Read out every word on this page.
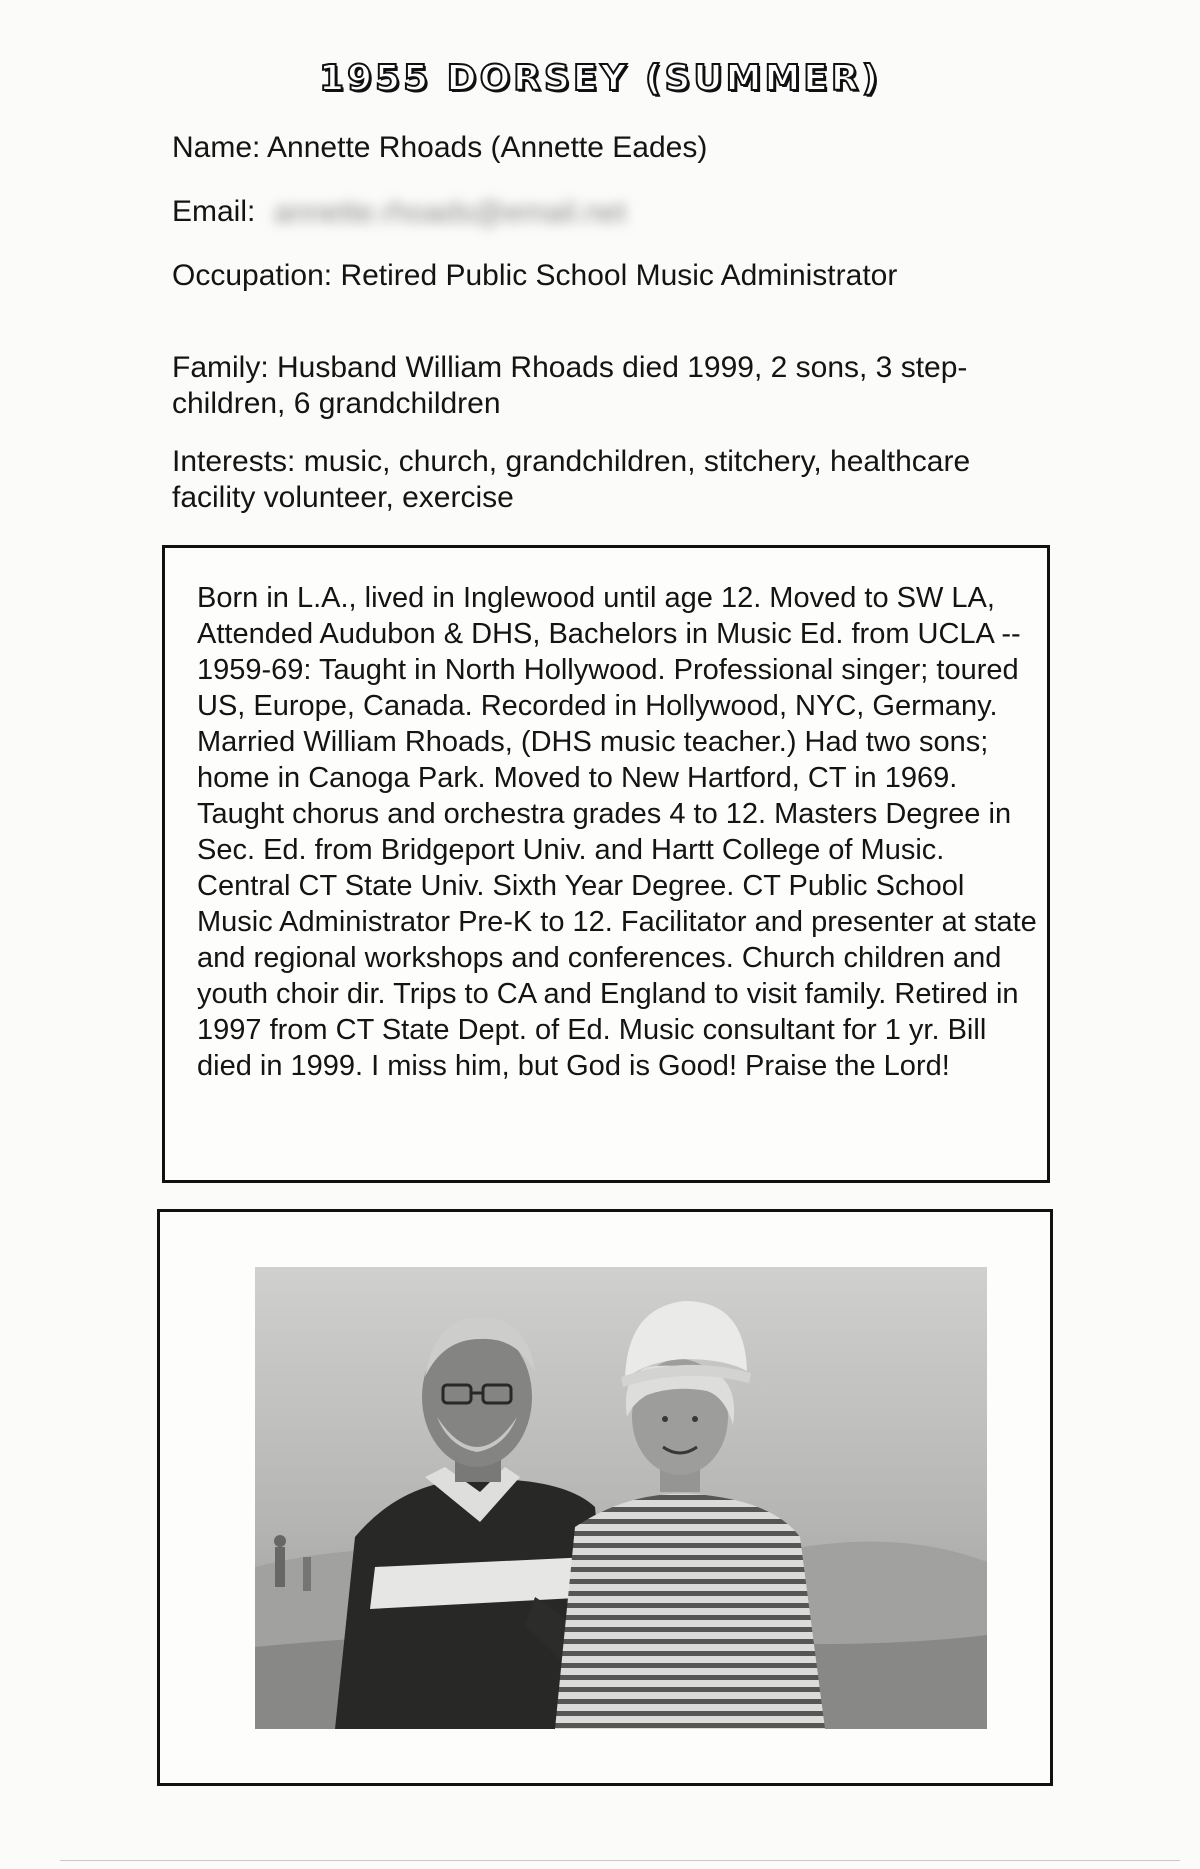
1955 DORSEY (SUMMER)
Name: Annette Rhoads (Annette Eades)
Email: annette.rhoads@email.net
Occupation: Retired Public School Music Administrator
Family: Husband William Rhoads died 1999, 2 sons, 3 step-children, 6 grandchildren
Interests: music, church, grandchildren, stitchery, healthcare facility volunteer, exercise
Born in L.A., lived in Inglewood until age 12. Moved to SW LA, Attended Audubon & DHS, Bachelors in Music Ed. from UCLA -- 1959-69: Taught in North Hollywood. Professional singer; toured US, Europe, Canada. Recorded in Hollywood, NYC, Germany. Married William Rhoads, (DHS music teacher.) Had two sons; home in Canoga Park. Moved to New Hartford, CT in 1969. Taught chorus and orchestra grades 4 to 12. Masters Degree in Sec. Ed. from Bridgeport Univ. and Hartt College of Music. Central CT State Univ. Sixth Year Degree. CT Public School Music Administrator Pre-K to 12. Facilitator and presenter at state and regional workshops and conferences. Church children and youth choir dir. Trips to CA and England to visit family. Retired in 1997 from CT State Dept. of Ed. Music consultant for 1 yr. Bill died in 1999. I miss him, but God is Good! Praise the Lord!
